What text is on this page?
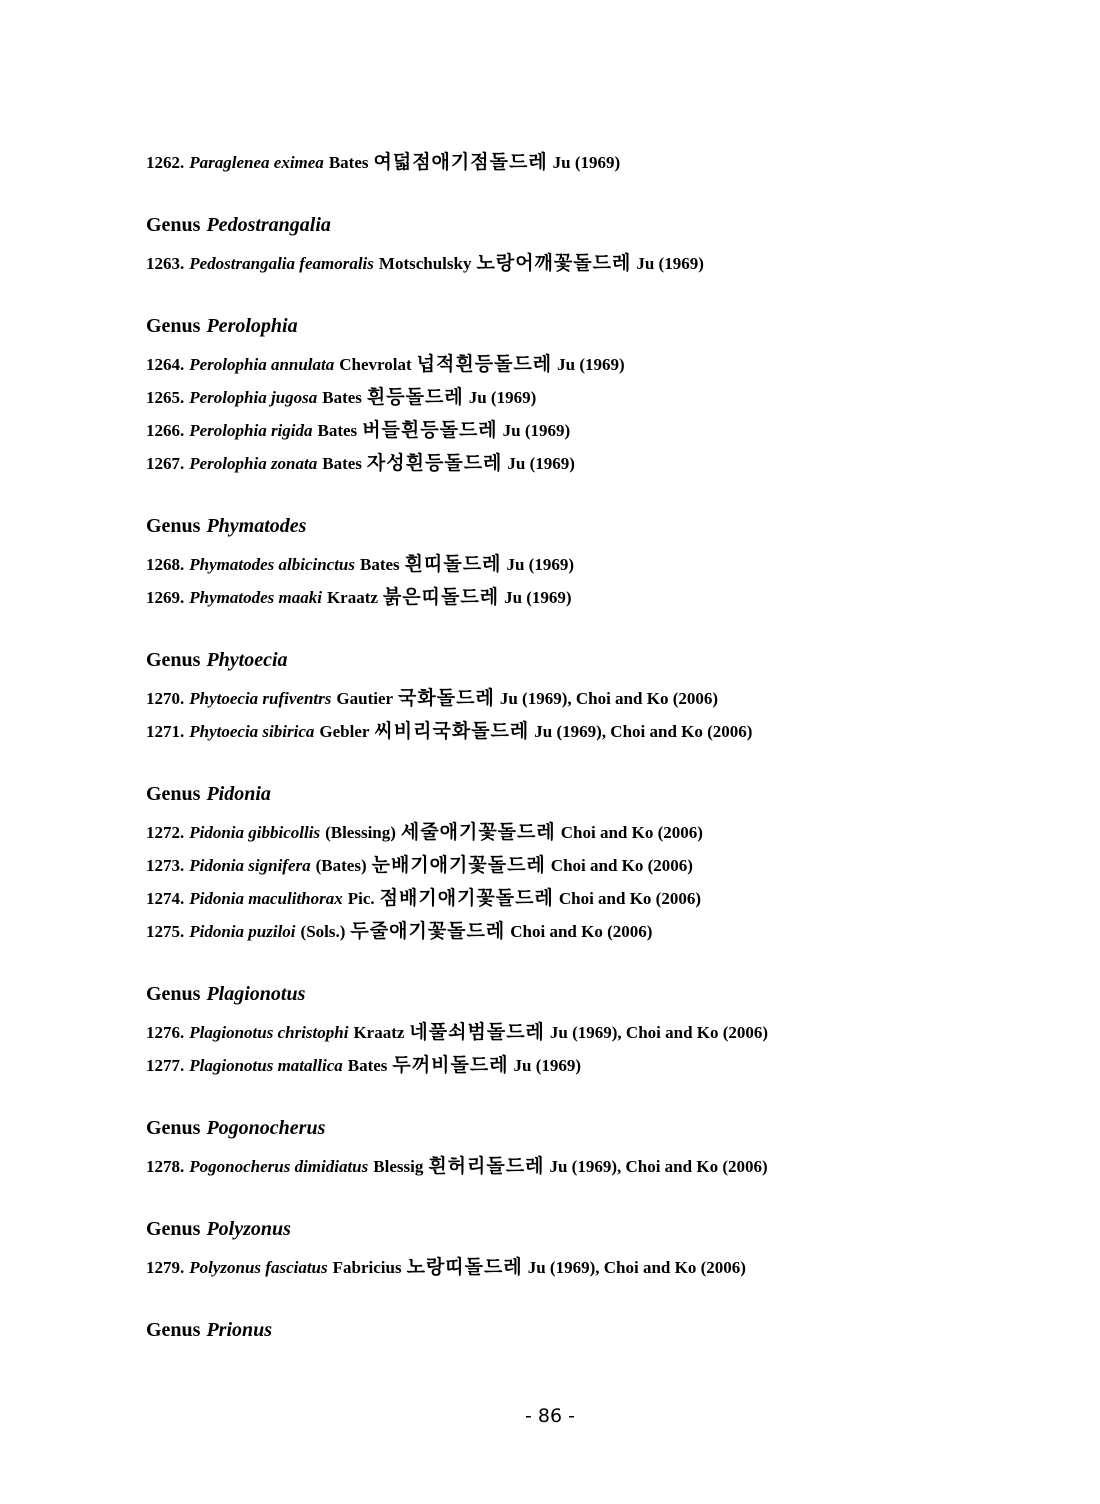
1262. Paraglenea eximea Bates 여덟점애기점돌드레 Ju (1969)
Genus Pedostrangalia
1263. Pedostrangalia feamoralis Motschulsky 노랑어깨꽃돌드레 Ju (1969)
Genus Perolophia
1264. Perolophia annulata Chevrolat 넙적흰등돌드레 Ju (1969)
1265. Perolophia jugosa Bates 흰등돌드레 Ju (1969)
1266. Perolophia rigida Bates 버들흰등돌드레 Ju (1969)
1267. Perolophia zonata Bates 자성흰등돌드레 Ju (1969)
Genus Phymatodes
1268. Phymatodes albicinctus Bates 흰띠돌드레 Ju (1969)
1269. Phymatodes maaki Kraatz 붉은띠돌드레 Ju (1969)
Genus Phytoecia
1270. Phytoecia rufiventrs Gautier 국화돌드레 Ju (1969), Choi and Ko (2006)
1271. Phytoecia sibirica Gebler 씨비리국화돌드레 Ju (1969), Choi and Ko (2006)
Genus Pidonia
1272. Pidonia gibbicollis (Blessing) 세줄애기꽃돌드레 Choi and Ko (2006)
1273. Pidonia signifera (Bates) 눈배기애기꽃돌드레 Choi and Ko (2006)
1274. Pidonia maculithorax Pic. 점배기애기꽃돌드레 Choi and Ko (2006)
1275. Pidonia puziloi (Sols.) 두줄애기꽃돌드레 Choi and Ko (2006)
Genus Plagionotus
1276. Plagionotus christophi Kraatz 네풀쇠범돌드레 Ju (1969), Choi and Ko (2006)
1277. Plagionotus matallica Bates 두꺼비돌드레 Ju (1969)
Genus Pogonocherus
1278. Pogonocherus dimidiatus Blessig 흰허리돌드레 Ju (1969), Choi and Ko (2006)
Genus Polyzonus
1279. Polyzonus fasciatus Fabricius 노랑띠돌드레 Ju (1969), Choi and Ko (2006)
Genus Prionus
- 86 -
